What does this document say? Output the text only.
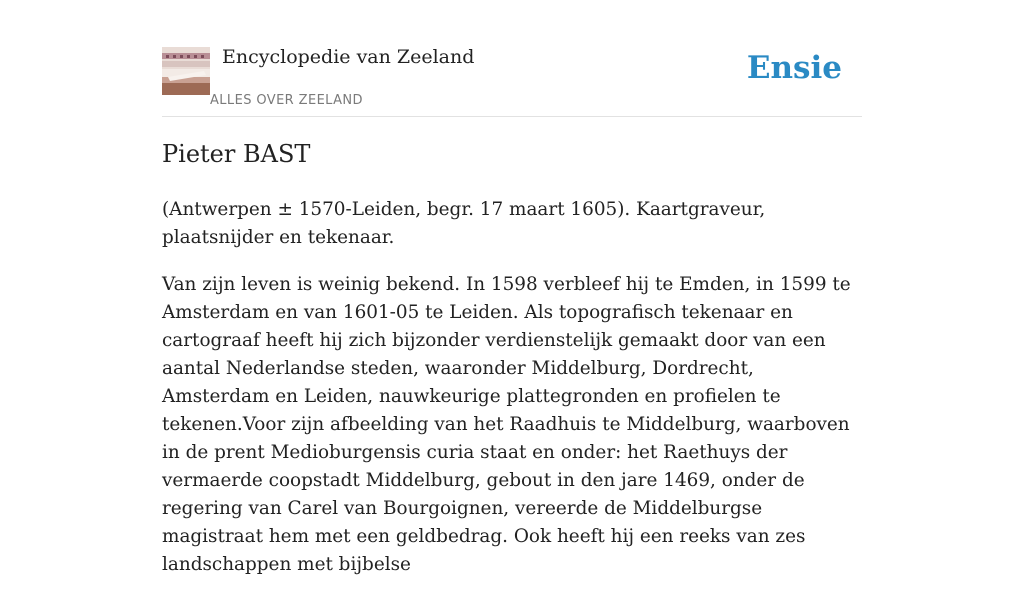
Encyclopedie van Zeeland
ALLES OVER ZEELAND
Ensie
Pieter BAST

(Antwerpen ± 1570-Leiden, begr. 17 maart 1605). Kaartgraveur, plaatsnijder en tekenaar.

Van zijn leven is weinig bekend. In 1598 verbleef hij te Emden, in 1599 te Amsterdam en van 1601-05 te Leiden. Als topografisch tekenaar en cartograaf heeft hij zich bijzonder verdienstelijk gemaakt door van een aantal Nederlandse steden, waaronder Middelburg, Dordrecht, Amsterdam en Leiden, nauwkeurige plattegronden en profielen te tekenen.Voor zijn afbeelding van het Raadhuis te Middelburg, waarboven in de prent Medioburgensis curia staat en onder: het Raethuys der vermaerde coopstadt Middelburg, gebout in den jare 1469, onder de regering van Carel van Bourgoignen, vereerde de Middelburgse magistraat hem met een geldbedrag. Ook heeft hij een reeks van zes landschappen met bijbelse
